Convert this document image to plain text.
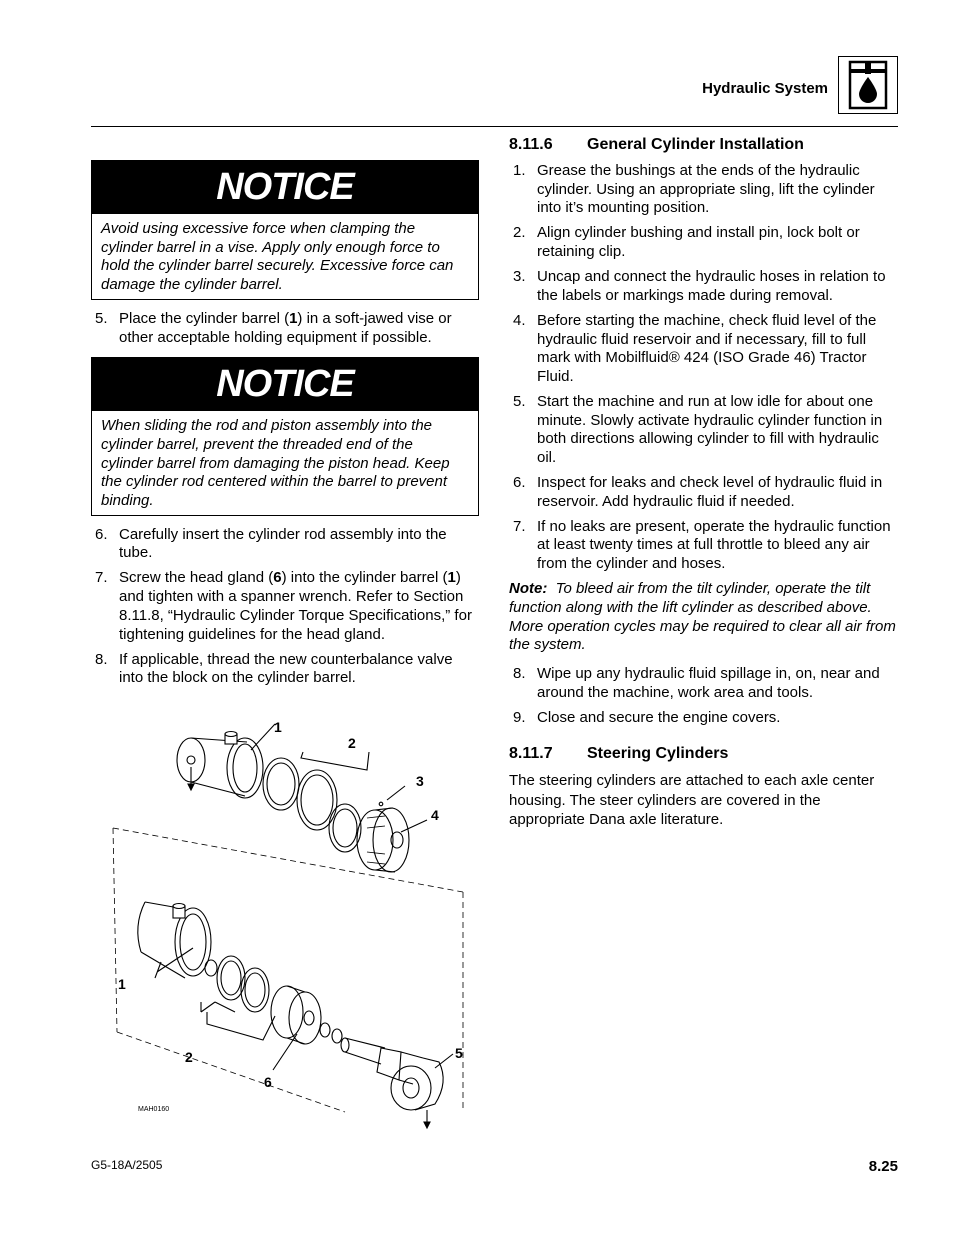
Hydraulic System
NOTICE
Avoid using excessive force when clamping the cylinder barrel in a vise. Apply only enough force to hold the cylinder barrel securely. Excessive force can damage the cylinder barrel.
5. Place the cylinder barrel (1) in a soft-jawed vise or other acceptable holding equipment if possible.
NOTICE
When sliding the rod and piston assembly into the cylinder barrel, prevent the threaded end of the cylinder barrel from damaging the piston head. Keep the cylinder rod centered within the barrel to prevent binding.
6. Carefully insert the cylinder rod assembly into the tube.
7. Screw the head gland (6) into the cylinder barrel (1) and tighten with a spanner wrench. Refer to Section 8.11.8, “Hydraulic Cylinder Torque Specifications,” for tightening guidelines for the head gland.
8. If applicable, thread the new counterbalance valve into the block on the cylinder barrel.
1
2
3
4
1
2	5
6
MAH0160
8.11.6 General Cylinder Installation
1. Grease the bushings at the ends of the hydraulic cylinder. Using an appropriate sling, lift the cylinder into it’s mounting position.
2. Align cylinder bushing and install pin, lock bolt or retaining clip.
3. Uncap and connect the hydraulic hoses in relation to the labels or markings made during removal.
4. Before starting the machine, check fluid level of the hydraulic fluid reservoir and if necessary, fill to full mark with Mobilfluid® 424 (ISO Grade 46) Tractor Fluid.
5. Start the machine and run at low idle for about one minute. Slowly activate hydraulic cylinder function in both directions allowing cylinder to fill with hydraulic oil.
6. Inspect for leaks and check level of hydraulic fluid in reservoir. Add hydraulic fluid if needed.
7. If no leaks are present, operate the hydraulic function at least twenty times at full throttle to bleed any air from the cylinder and hoses.
Note: To bleed air from the tilt cylinder, operate the tilt function along with the lift cylinder as described above. More operation cycles may be required to clear all air from the system.
8. Wipe up any hydraulic fluid spillage in, on, near and around the machine, work area and tools.
9. Close and secure the engine covers.
8.11.7 Steering Cylinders

The steering cylinders are attached to each axle center housing. The steer cylinders are covered in the appropriate Dana axle literature.

G5-18A/2505	8.25
